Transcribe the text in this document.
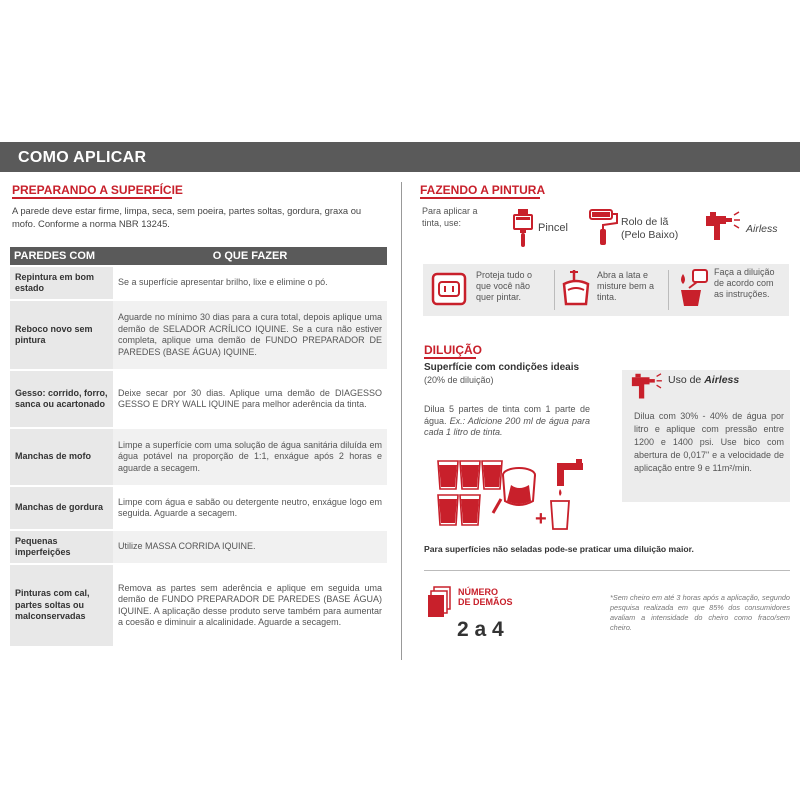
COMO APLICAR
PREPARANDO A SUPERFÍCIE
A parede deve estar firme, limpa, seca, sem poeira, partes soltas, gordura, graxa ou mofo. Conforme a norma NBR 13245.
PAREDES COM	O QUE FAZER
Repintura em bom estado	Se a superfície apresentar brilho, lixe e elimine o pó.
Reboco novo sem pintura	Aguarde no mínimo 30 dias para a cura total, depois aplique uma demão de SELADOR ACRÍLICO IQUINE. Se a cura não estiver completa, aplique uma demão de FUNDO PREPARADOR DE PAREDES (BASE ÁGUA) IQUINE.
Gesso: corrido, forro, sanca ou acartonado	Deixe secar por 30 dias. Aplique uma demão de DIAGESSO GESSO E DRY WALL IQUINE para melhor aderência da tinta.
Manchas de mofo	Limpe a superfície com uma solução de água sanitária diluída em água potável na proporção de 1:1, enxágue após 2 horas e aguarde a secagem.
Manchas de gordura	Limpe com água e sabão ou detergente neutro, enxágue logo em seguida. Aguarde a secagem.
Pequenas imperfeições	Utilize MASSA CORRIDA IQUINE.
Pinturas com cal, partes soltas ou malconservadas	Remova as partes sem aderência e aplique em seguida uma demão de FUNDO PREPARADOR DE PAREDES (BASE ÁGUA) IQUINE. A aplicação desse produto serve também para aumentar a coesão e diminuir a alcalinidade. Aguarde a secagem.
FAZENDO A PINTURA
Para aplicar a tinta, use:	Pincel	Rolo de lã (Pelo Baixo)	Airless
Proteja tudo o que você não quer pintar.
Abra a lata e misture bem a tinta.
Faça a diluição de acordo com as instruções.
DILUIÇÃO
Superfície com condições ideais
(20% de diluição)
Dilua 5 partes de tinta com 1 parte de água. Ex.: Adicione 200 ml de água para cada 1 litro de tinta.
+
Uso de Airless
Dilua com 30% - 40% de água por litro e aplique com pressão entre 1200 e 1400 psi. Use bico com abertura de 0,017" e a velocidade de aplicação entre 9 e 11m²/min.
Para superfícies não seladas pode-se praticar uma diluição maior.
NÚMERO
DE DEMÃOS
2 a 4
*Sem cheiro em até 3 horas após a aplicação, segundo pesquisa realizada em que 85% dos consumidores avaliam a intensidade do cheiro como fraco/sem cheiro.
